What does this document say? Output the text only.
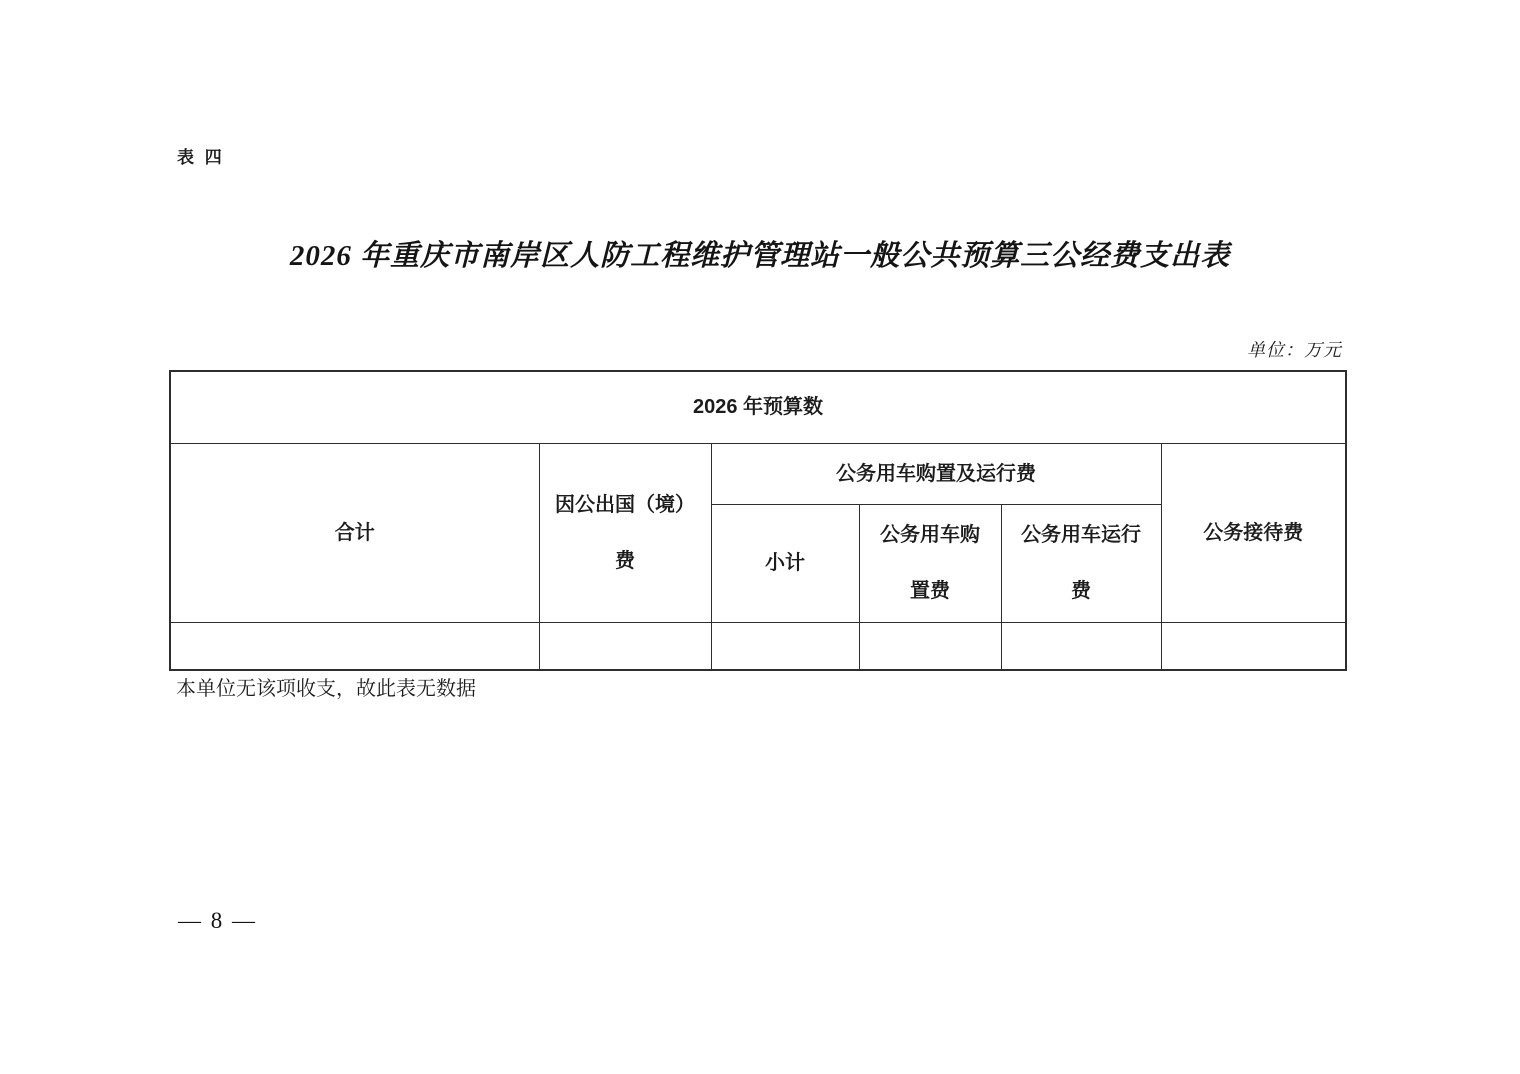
表 四
2026 年重庆市南岸区人防工程维护管理站一般公共预算三公经费支出表
单位：万元
2026 年预算数					
合计	因公出国（境）费	公务用车购置及运行费			公务接待费
		小计	公务用车购置费	公务用车运行费	

本单位无该项收支，故此表无数据
— 8 —
